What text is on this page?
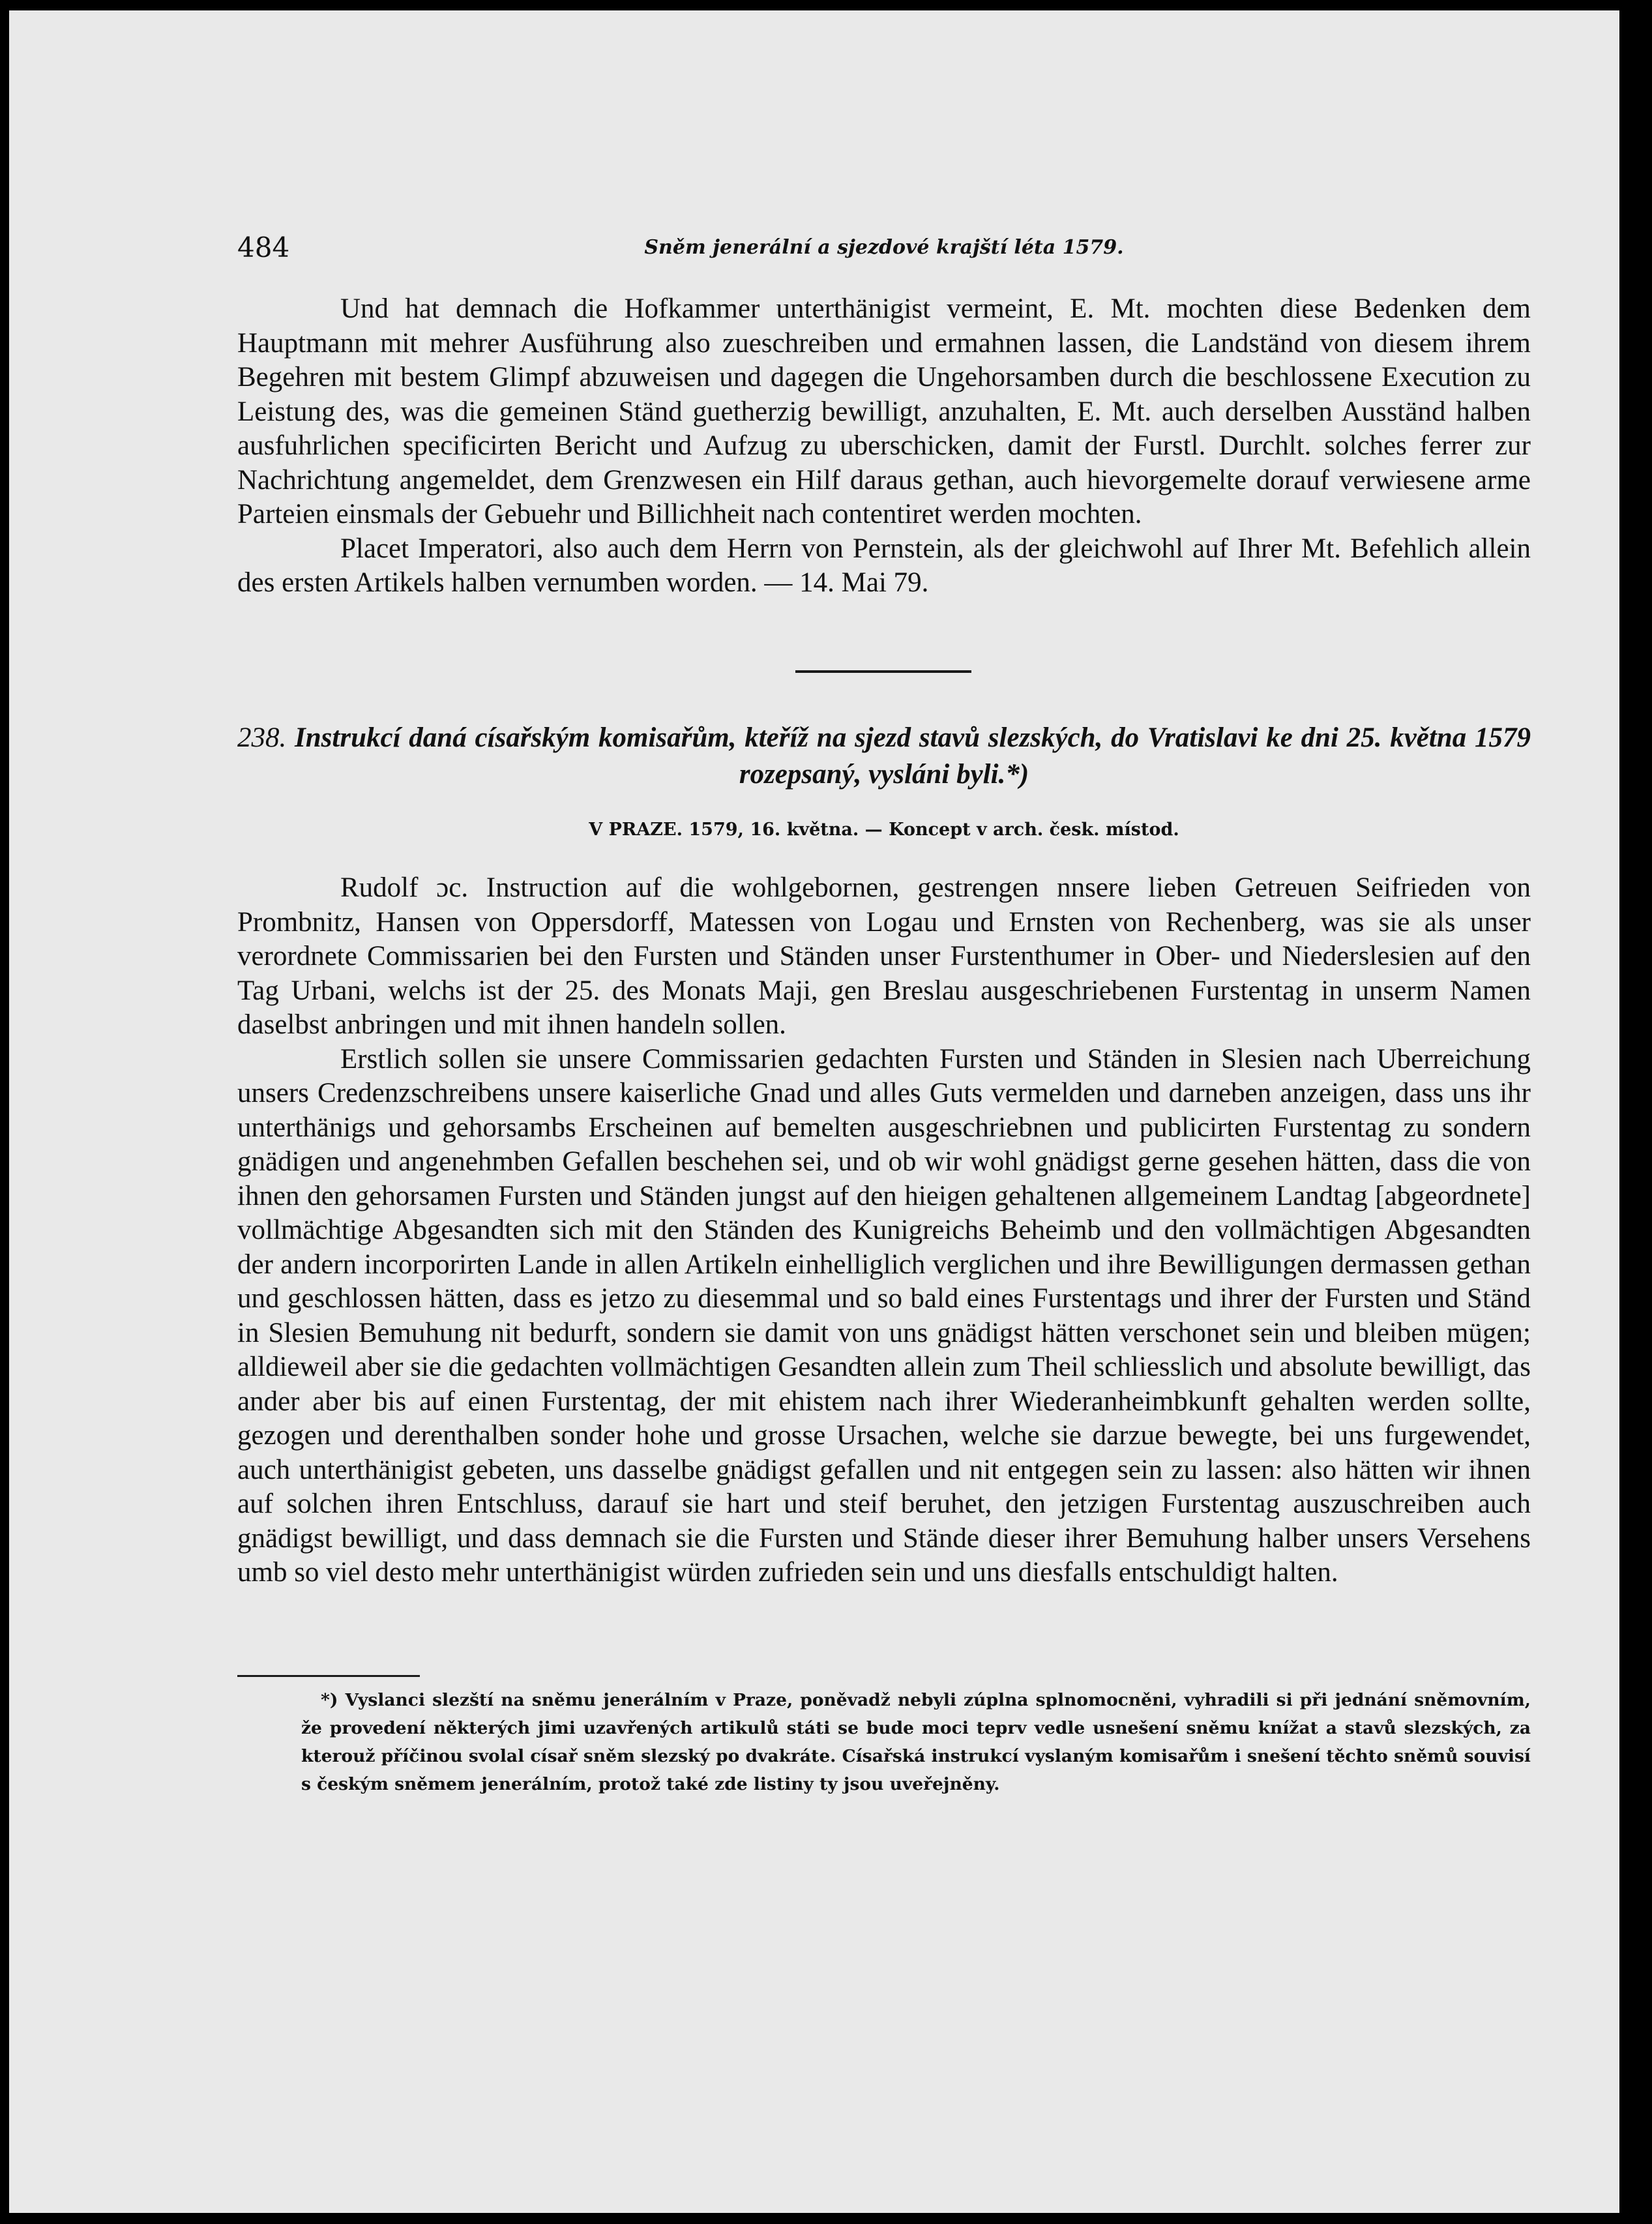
484	Sněm jenerální a sjezdové krajští léta 1579.

Und hat demnach die Hofkammer unterthänigist vermeint, E. Mt. mochten diese Bedenken dem Hauptmann mit mehrer Ausführung also zueschreiben und ermahnen lassen, die Landständ von diesem ihrem Begehren mit bestem Glimpf abzuweisen und dagegen die Ungehorsamben durch die beschlossene Execution zu Leistung des, was die gemeinen Ständ guetherzig bewilligt, anzuhalten, E. Mt. auch derselben Ausständ halben ausfuhrlichen specificirten Bericht und Aufzug zu uberschicken, damit der Furstl. Durchlt. solches ferrer zur Nachrichtung angemeldet, dem Grenzwesen ein Hilf daraus gethan, auch hievorgemelte dorauf verwiesene arme Parteien einsmals der Gebuehr und Billichheit nach contentiret werden mochten.

Placet Imperatori, also auch dem Herrn von Pernstein, als der gleichwohl auf Ihrer Mt. Befehlich allein des ersten Artikels halben vernumben worden. — 14. Mai 79.

238. Instrukcí daná císařským komisařům, kteříž na sjezd stavů slezských, do Vratislavi ke dni 25. května 1579 rozepsaný, vysláni byli.*)
V PRAZE. 1579, 16. května. — Koncept v arch. česk. místod.

Rudolf ɔc. Instruction auf die wohlgebornen, gestrengen nnsere lieben Getreuen Seifrieden von Prombnitz, Hansen von Oppersdorff, Matessen von Logau und Ernsten von Rechenberg, was sie als unser verordnete Commissarien bei den Fursten und Ständen unser Furstenthumer in Ober- und Niederslesien auf den Tag Urbani, welchs ist der 25. des Monats Maji, gen Breslau ausgeschriebenen Furstentag in unserm Namen daselbst anbringen und mit ihnen handeln sollen.

Erstlich sollen sie unsere Commissarien gedachten Fursten und Ständen in Slesien nach Uberreichung unsers Credenzschreibens unsere kaiserliche Gnad und alles Guts vermelden und darneben anzeigen, dass uns ihr unterthänigs und gehorsambs Erscheinen auf bemelten ausgeschriebnen und publicirten Furstentag zu sondern gnädigen und angenehmben Gefallen beschehen sei, und ob wir wohl gnädigst gerne gesehen hätten, dass die von ihnen den gehorsamen Fursten und Ständen jungst auf den hieigen gehaltenen allgemeinem Landtag [abgeordnete] vollmächtige Abgesandten sich mit den Ständen des Kunigreichs Beheimb und den vollmächtigen Abgesandten der andern incorporirten Lande in allen Artikeln einhelliglich verglichen und ihre Bewilligungen dermassen gethan und geschlossen hätten, dass es jetzo zu diesemmal und so bald eines Furstentags und ihrer der Fursten und Ständ in Slesien Bemuhung nit bedurft, sondern sie damit von uns gnädigst hätten verschonet sein und bleiben mügen; alldieweil aber sie die gedachten vollmächtigen Gesandten allein zum Theil schliesslich und absolute bewilligt, das ander aber bis auf einen Furstentag, der mit ehistem nach ihrer Wiederanheimbkunft gehalten werden sollte, gezogen und derenthalben sonder hohe und grosse Ursachen, welche sie darzue bewegte, bei uns furgewendet, auch unterthänigist gebeten, uns dasselbe gnädigst gefallen und nit entgegen sein zu lassen: also hätten wir ihnen auf solchen ihren Entschluss, darauf sie hart und steif beruhet, den jetzigen Furstentag auszuschreiben auch gnädigst bewilligt, und dass demnach sie die Fursten und Stände dieser ihrer Bemuhung halber unsers Versehens umb so viel desto mehr unterthänigist würden zufrieden sein und uns diesfalls entschuldigt halten.

*) Vyslanci slezští na sněmu jenerálním v Praze, poněvadž nebyli zúplna splnomocněni, vyhradili si při jednání sněmovním, že provedení některých jimi uzavřených artikulů státi se bude moci teprv vedle usnešení sněmu knížat a stavů slezských, za kterouž příčinou svolal císař sněm slezský po dvakráte. Císařská instrukcí vyslaným komisařům i snešení těchto sněmů souvisí s českým sněmem jenerálním, protož také zde listiny ty jsou uveřejněny.
